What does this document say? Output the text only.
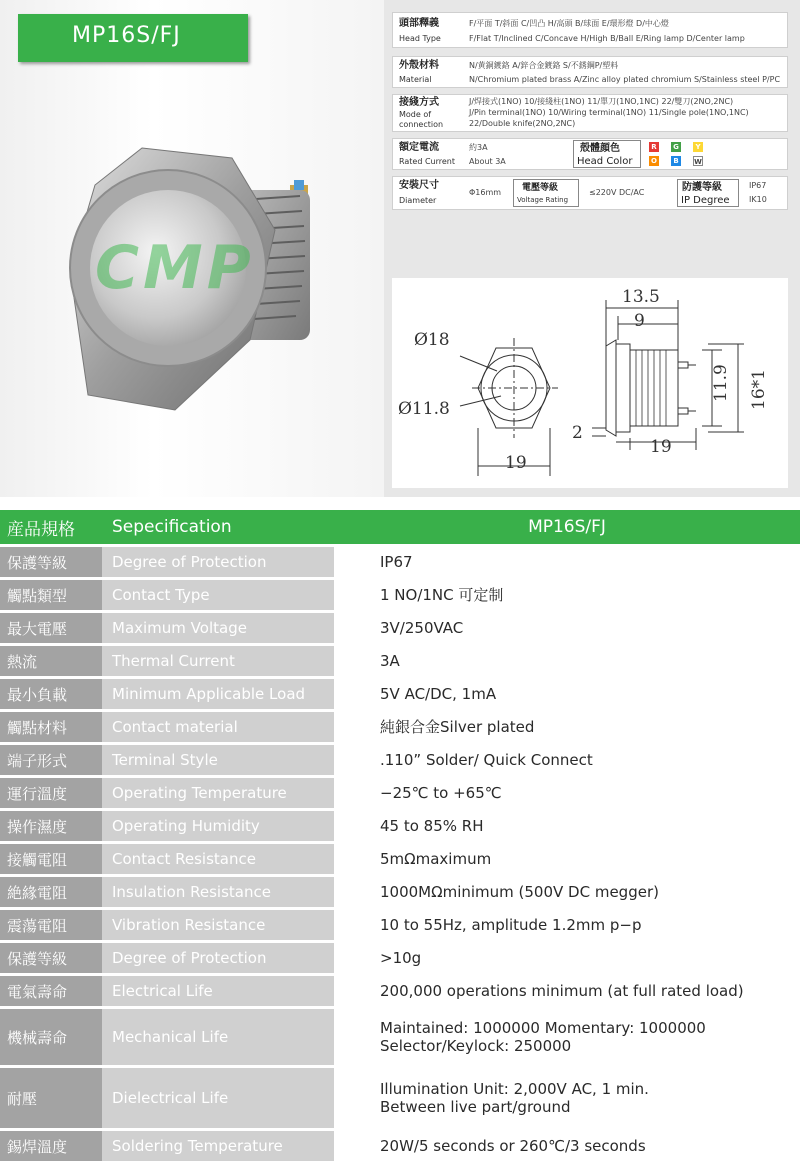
MP16S/FJ
CMP
頭部釋義
Head Type
F/平面 T/斜面 C/凹凸 H/高頭 B/球面 E/環形燈 D/中心燈
F/Flat T/Inclined C/Concave H/High B/Ball E/Ring lamp D/Center lamp
外殼材料
Material
N/黄銅鍍鉻 A/鋅合金鍍鉻 S/不銹鋼P/塑料
N/Chromium plated brass A/Zinc alloy plated chromium S/Stainless steel P/PC
接綫方式
Mode of
connection
J/焊接式(1NO) 10/接綫柱(1NO) 11/單刀(1NO,1NC) 22/雙刀(2NO,2NC)
J/Pin terminal(1NO) 10/Wiring terminal(1NO) 11/Single pole(1NO,1NC)
22/Double knife(2NO,2NC)
額定電流
Rated Current
約3A
About 3A
殻體顔色
Head Color
R	G	Y
O	B	W
安裝尺寸
Diameter
Φ16mm 電壓等級
Voltage Rating
≤220V DC/AC	防護等級
IP Degree
IP67
IK10
Ø18
Ø11.8
19
13.5
9
2
19
11.9 16*1
産品規格	Sepecification	MP16S/FJ
保護等級	Degree of Protection	IP67
觸點類型	Contact Type	1 NO/1NC 可定制
最大電壓	Maximum Voltage	3V/250VAC
熱流	Thermal Current	3A
最小負載	Minimum Applicable Load	5V AC/DC, 1mA
觸點材料	Contact material	純銀合金Silver plated
端子形式	Terminal Style	.110” Solder/ Quick Connect
運行溫度	Operating Temperature	−25℃ to +65℃
操作濕度	Operating Humidity	45 to 85% RH
接觸電阻	Contact Resistance	5mΩmaximum
絶緣電阻	Insulation Resistance	1000MΩminimum (500V DC megger)
震蕩電阻	Vibration Resistance	10 to 55Hz, amplitude 1.2mm p−p
保護等級	Degree of Protection	>10g
電氣壽命	Electrical Life	200,000 operations minimum (at full rated load)
機械壽命	Mechanical Life	Maintained: 1000000 Momentary: 1000000
Selector/Keylock: 250000
耐壓	Dielectrical Life	Illumination Unit: 2,000V AC, 1 min.
Between live part/ground
錫焊溫度	Soldering Temperature	20W/5 seconds or 260℃/3 seconds
